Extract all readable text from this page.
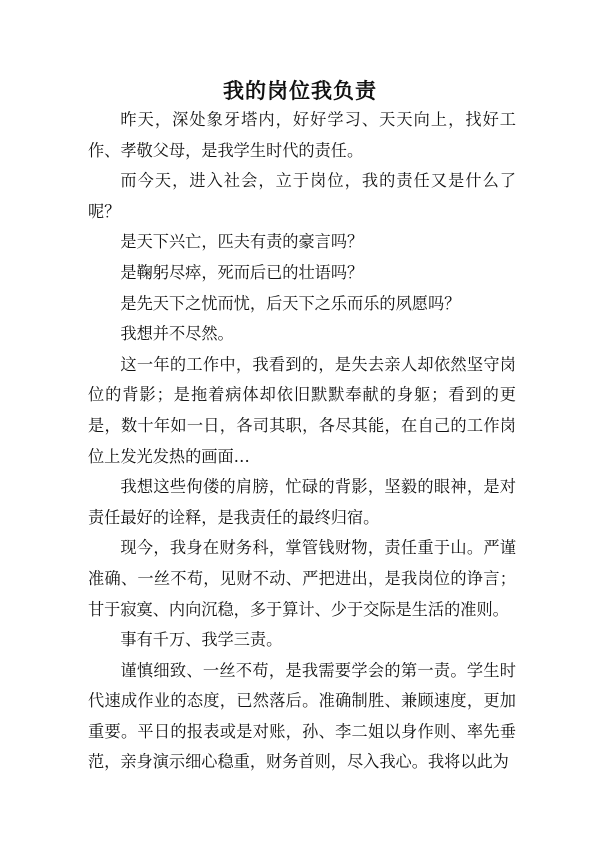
我的岗位我负责

昨天，深处象牙塔内，好好学习、天天向上，找好工作、孝敬父母，是我学生时代的责任。

而今天，进入社会，立于岗位，我的责任又是什么了呢？

是天下兴亡，匹夫有责的豪言吗？

是鞠躬尽瘁，死而后已的壮语吗？

是先天下之忧而忧，后天下之乐而乐的夙愿吗？

我想并不尽然。

这一年的工作中，我看到的，是失去亲人却依然坚守岗位的背影；是拖着病体却依旧默默奉献的身躯；看到的更是，数十年如一日，各司其职，各尽其能，在自己的工作岗位上发光发热的画面…

我想这些佝偻的肩膀，忙碌的背影，坚毅的眼神，是对责任最好的诠释，是我责任的最终归宿。

现今，我身在财务科，掌管钱财物，责任重于山。严谨准确、一丝不苟，见财不动、严把进出，是我岗位的诤言；甘于寂寞、内向沉稳，多于算计、少于交际是生活的准则。

事有千万、我学三责。

谨慎细致、一丝不苟，是我需要学会的第一责。学生时代速成作业的态度，已然落后。准确制胜、兼顾速度，更加重要。平日的报表或是对账，孙、李二姐以身作则、率先垂范，亲身演示细心稳重，财务首则，尽入我心。我将以此为
